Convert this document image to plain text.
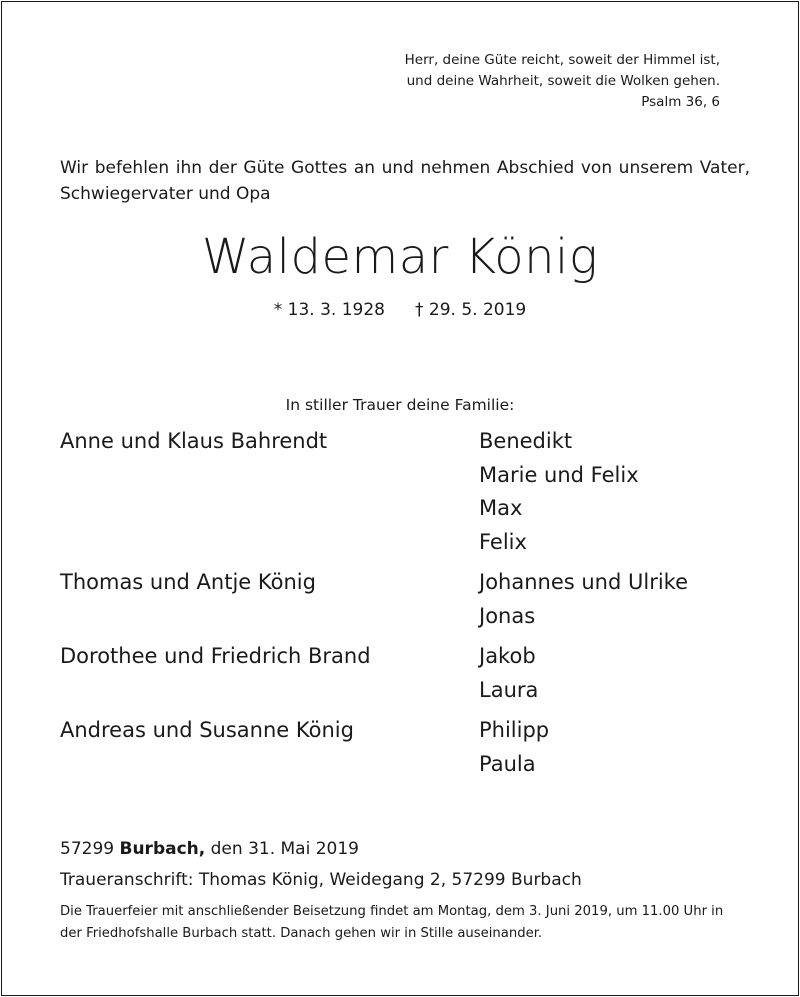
Herr, deine Güte reicht, soweit der Himmel ist,
und deine Wahrheit, soweit die Wolken gehen.
Psalm 36, 6
Wir befehlen ihn der Güte Gottes an und nehmen Abschied von unserem Vater, Schwiegervater und Opa
Waldemar König
* 13. 3. 1928 † 29. 5. 2019
In stiller Trauer deine Familie:
Anne und Klaus Bahrendt	Benedikt
Marie und Felix
Max
Felix
Thomas und Antje König	Johannes und Ulrike
Jonas
Dorothee und Friedrich Brand	Jakob
Laura
Andreas und Susanne König	Philipp
Paula
57299 Burbach, den 31. Mai 2019
Traueranschrift: Thomas König, Weidegang 2, 57299 Burbach
Die Trauerfeier mit anschließender Beisetzung findet am Montag, dem 3. Juni 2019, um 11.00 Uhr in
der Friedhofshalle Burbach statt. Danach gehen wir in Stille auseinander.
